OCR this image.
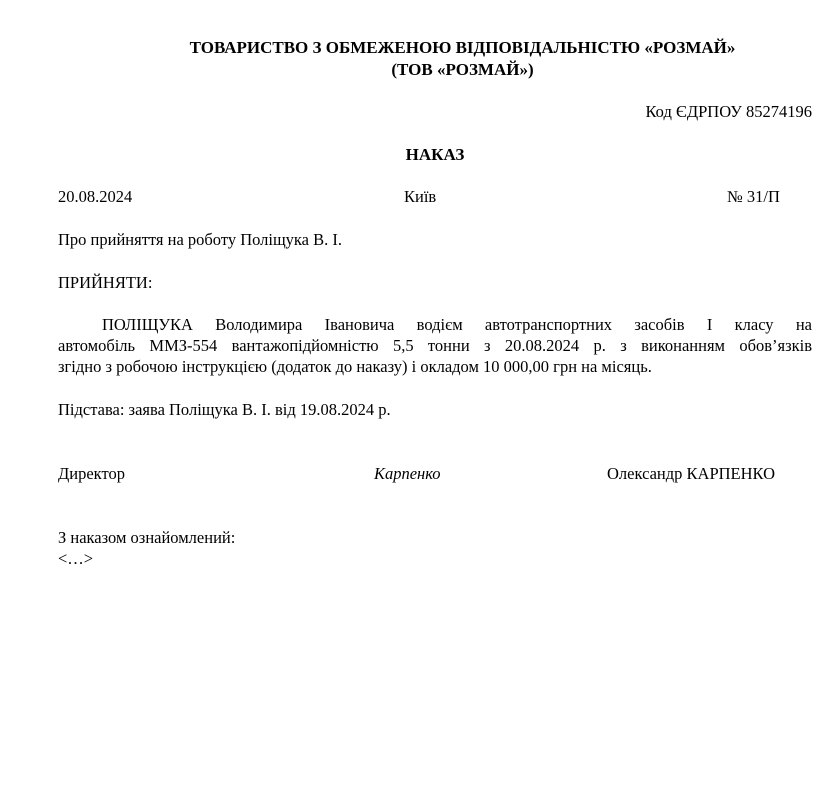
ТОВАРИСТВО З ОБМЕЖЕНОЮ ВІДПОВІДАЛЬНІСТЮ «РОЗМАЙ»
(ТОВ «РОЗМАЙ»)
Код ЄДРПОУ 85274196
НАКАЗ
20.08.2024	Київ	№ 31/П
Про прийняття на роботу Поліщука В. І.
ПРИЙНЯТИ:
ПОЛІЩУКА Володимира Івановича водієм автотранспортних засобів І класу на
автомобіль ММЗ-554 вантажопідйомністю 5,5 тонни з 20.08.2024 р. з виконанням обов’язків
згідно з робочою інструкцією (додаток до наказу) і окладом 10 000,00 грн на місяць.
Підстава: заява Поліщука В. І. від 19.08.2024 р.
Директор	Карпенко	Олександр КАРПЕНКО
З наказом ознайомлений:
<…>
